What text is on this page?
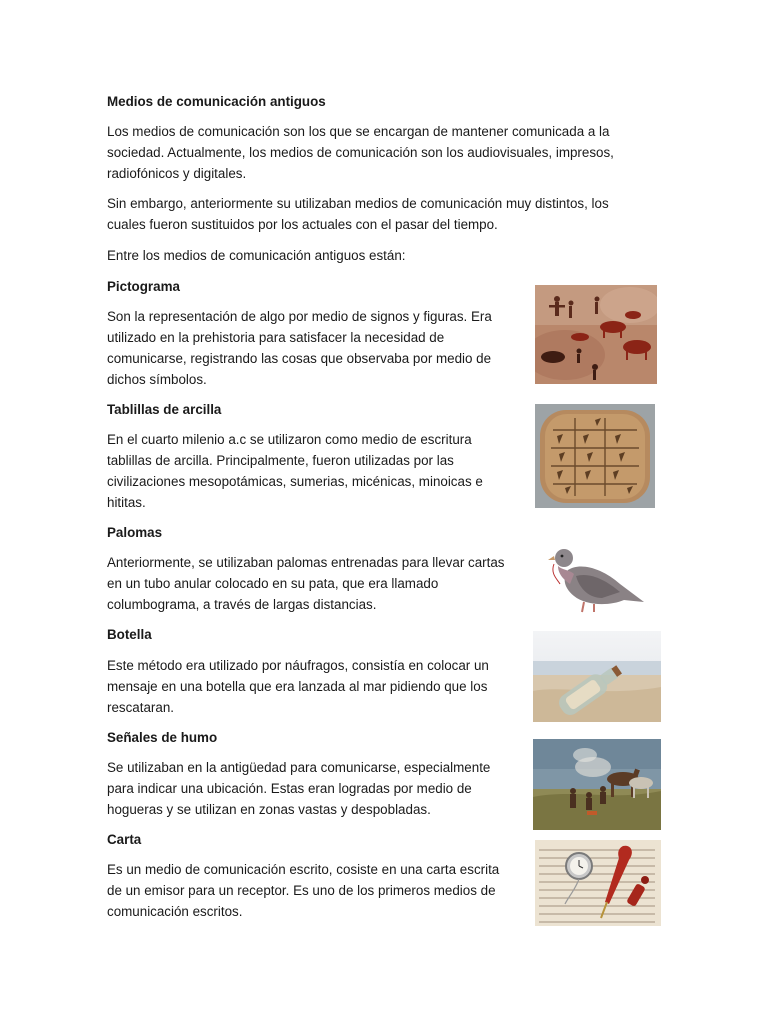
Medios de comunicación antiguos

Los medios de comunicación son los que se encargan de mantener comunicada a la

sociedad. Actualmente, los medios de comunicación son los audiovisuales, impresos,

radiofónicos y digitales.

Sin embargo, anteriormente su utilizaban medios de comunicación muy distintos, los

cuales fueron sustituidos por los actuales con el pasar del tiempo.

Entre los medios de comunicación antiguos están:

Pictograma

Son la representación de algo por medio de signos y figuras. Era

utilizado en la prehistoria para satisfacer la necesidad de

comunicarse, registrando las cosas que observaba por medio de

dichos símbolos.

Tablillas de arcilla

En el cuarto milenio a.c se utilizaron como medio de escritura

tablillas de arcilla. Principalmente, fueron utilizadas por las

civilizaciones mesopotámicas, sumerias, micénicas, minoicas e

hititas.

Palomas

Anteriormente, se utilizaban palomas entrenadas para llevar cartas

en un tubo anular colocado en su pata, que era llamado

columbograma, a través de largas distancias.

Botella

Este método era utilizado por náufragos, consistía en colocar un

mensaje en una botella que era lanzada al mar pidiendo que los

rescataran.

Señales de humo

Se utilizaban en la antigüedad para comunicarse, especialmente

para indicar una ubicación. Estas eran logradas por medio de

hogueras y se utilizan en zonas vastas y despobladas.

Carta

Es un medio de comunicación escrito, cosiste en una carta escrita

de un emisor para un receptor. Es uno de los primeros medios de

comunicación escritos.
